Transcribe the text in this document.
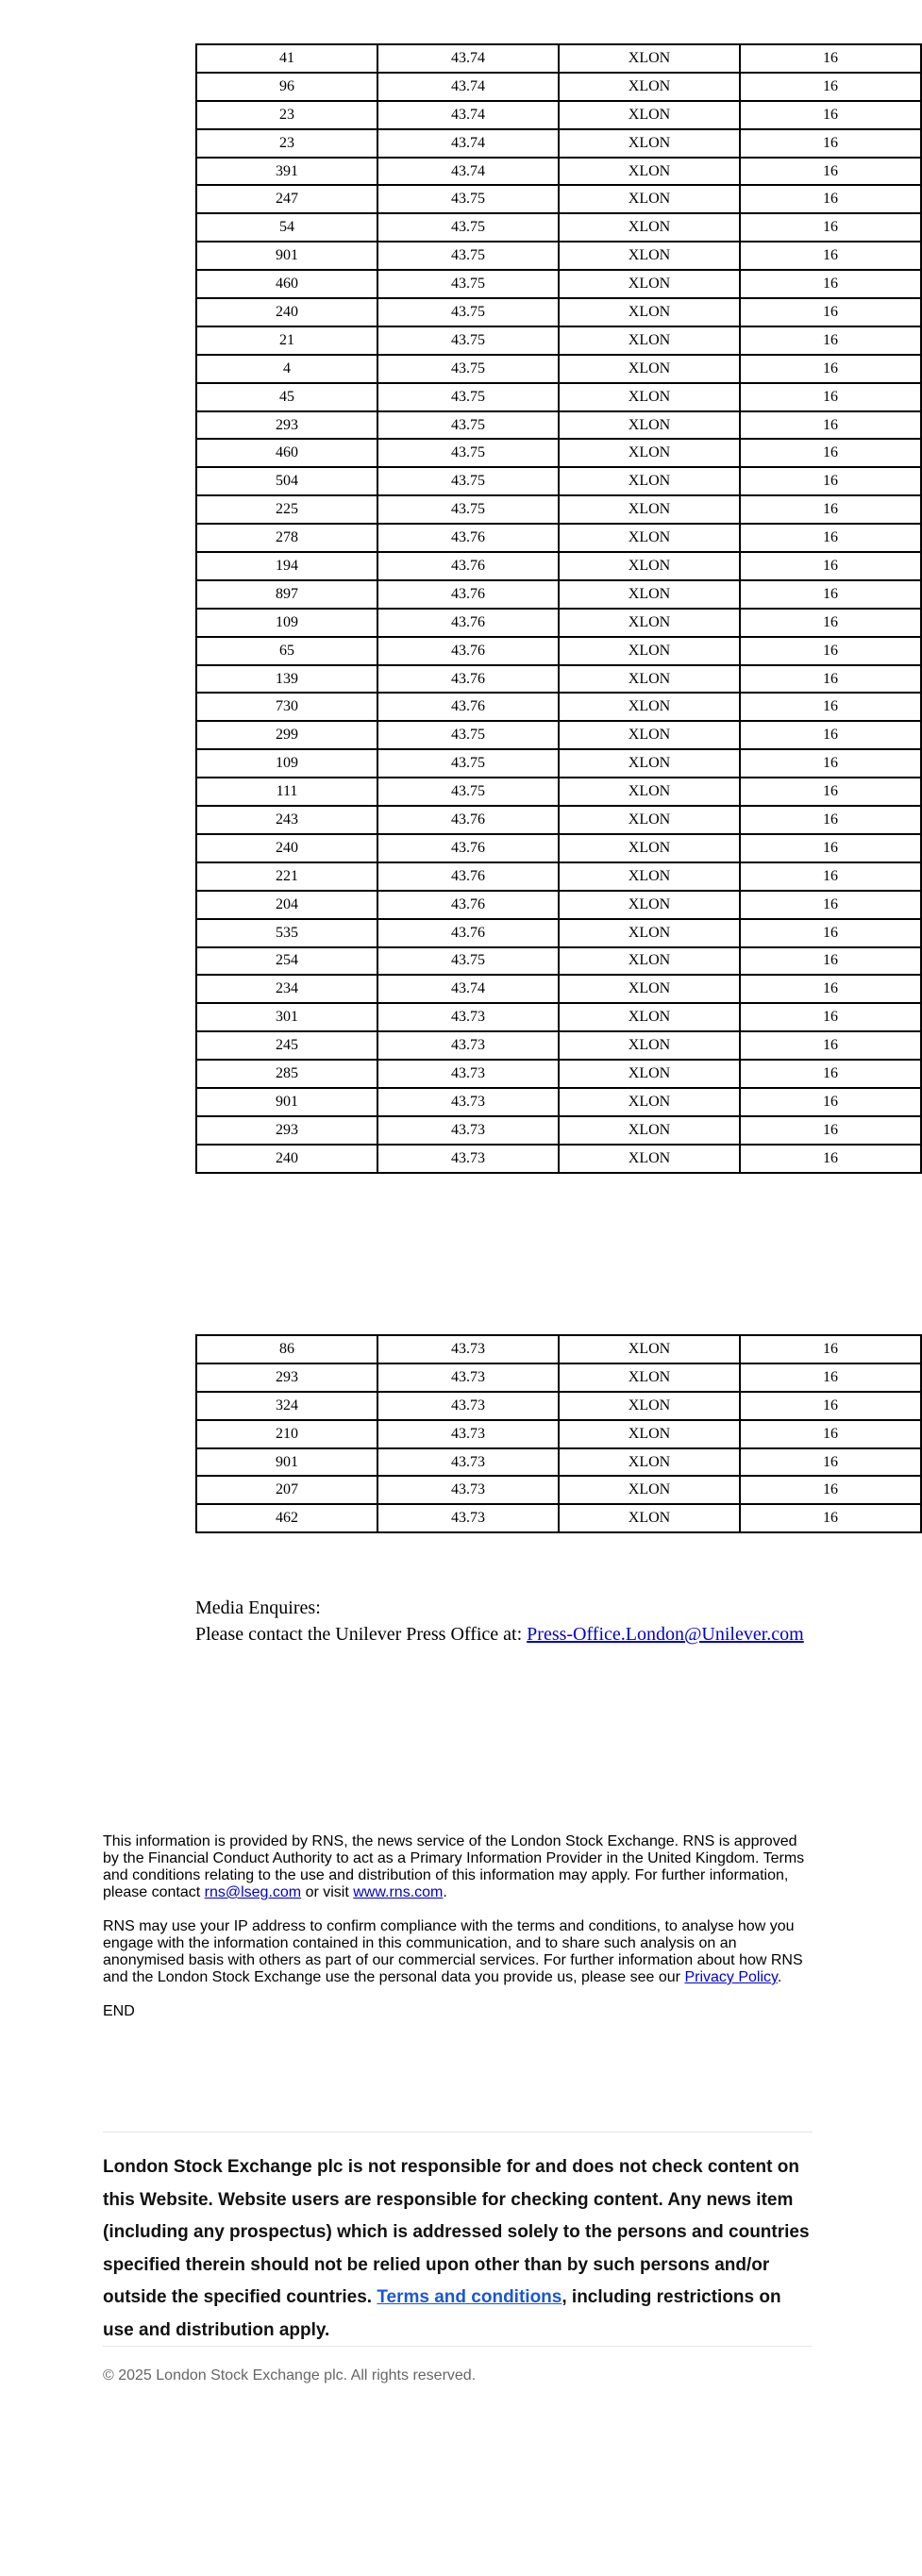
41	43.74	XLON	16
96	43.74	XLON	16
23	43.74	XLON	16
23	43.74	XLON	16
391	43.74	XLON	16
247	43.75	XLON	16
54	43.75	XLON	16
901	43.75	XLON	16
460	43.75	XLON	16
240	43.75	XLON	16
21	43.75	XLON	16
4	43.75	XLON	16
45	43.75	XLON	16
293	43.75	XLON	16
460	43.75	XLON	16
504	43.75	XLON	16
225	43.75	XLON	16
278	43.76	XLON	16
194	43.76	XLON	16
897	43.76	XLON	16
109	43.76	XLON	16
65	43.76	XLON	16
139	43.76	XLON	16
730	43.76	XLON	16
299	43.75	XLON	16
109	43.75	XLON	16
111	43.75	XLON	16
243	43.76	XLON	16
240	43.76	XLON	16
221	43.76	XLON	16
204	43.76	XLON	16
535	43.76	XLON	16
254	43.75	XLON	16
234	43.74	XLON	16
301	43.73	XLON	16
245	43.73	XLON	16
285	43.73	XLON	16
901	43.73	XLON	16
293	43.73	XLON	16
240	43.73	XLON	16
86	43.73	XLON	16
293	43.73	XLON	16
324	43.73	XLON	16
210	43.73	XLON	16
901	43.73	XLON	16
207	43.73	XLON	16
462	43.73	XLON	16
Media Enquires:
Please contact the Unilever Press Office at: Press-Office.London@Unilever.com

This information is provided by RNS, the news service of the London Stock Exchange. RNS is approved by the Financial Conduct Authority to act as a Primary Information Provider in the United Kingdom. Terms and conditions relating to the use and distribution of this information may apply. For further information, please contact rns@lseg.com or visit www.rns.com.

RNS may use your IP address to confirm compliance with the terms and conditions, to analyse how you engage with the information contained in this communication, and to share such analysis on an anonymised basis with others as part of our commercial services. For further information about how RNS and the London Stock Exchange use the personal data you provide us, please see our Privacy Policy.

END

London Stock Exchange plc is not responsible for and does not check content on this Website. Website users are responsible for checking content. Any news item (including any prospectus) which is addressed solely to the persons and countries specified therein should not be relied upon other than by such persons and/or outside the specified countries. Terms and conditions, including restrictions on use and distribution apply.
© 2025 London Stock Exchange plc. All rights reserved.
